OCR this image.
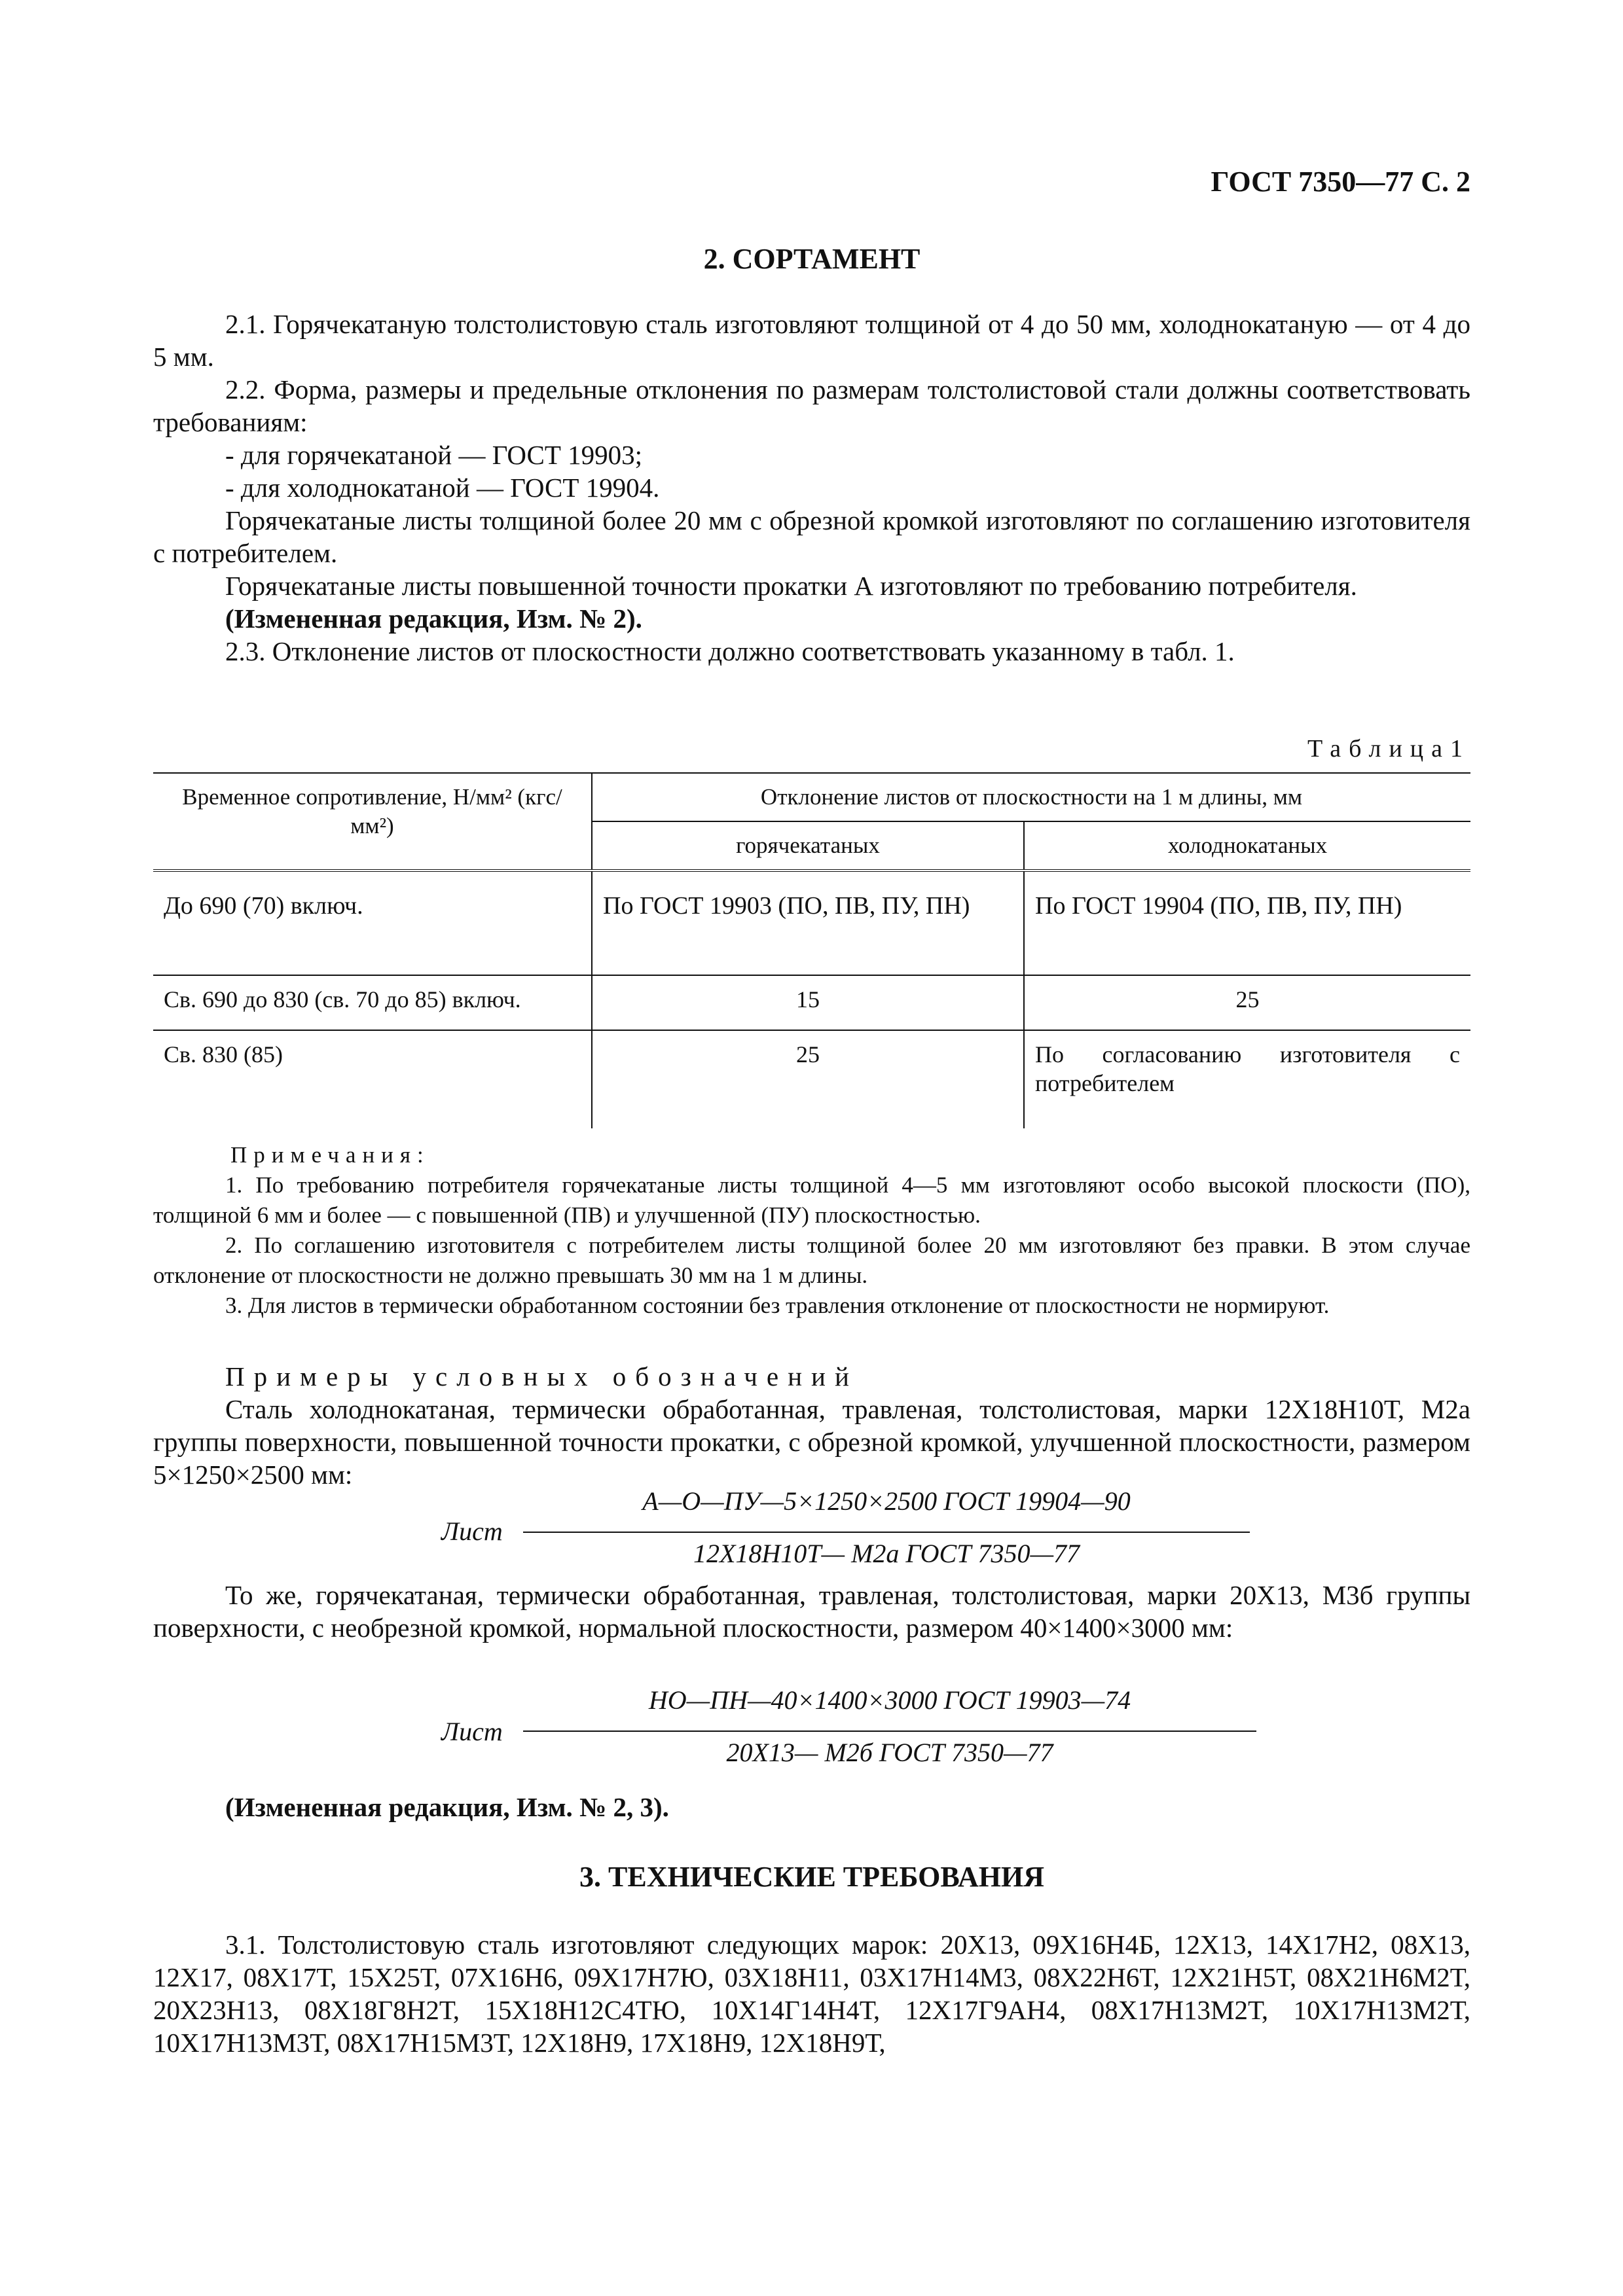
ГОСТ 7350—77 С. 2
2. СОРТАМЕНТ

2.1. Горячекатаную толстолистовую сталь изготовляют толщиной от 4 до 50 мм, холоднокатаную — от 4 до 5 мм.

2.2. Форма, размеры и предельные отклонения по размерам толстолистовой стали должны соответствовать требованиям:

- для горячекатаной — ГОСТ 19903;

- для холоднокатаной — ГОСТ 19904.

Горячекатаные листы толщиной более 20 мм с обрезной кромкой изготовляют по соглашению изготовителя с потребителем.

Горячекатаные листы повышенной точности прокатки А изготовляют по требованию потребителя.

(Измененная редакция, Изм. № 2).

2.3. Отклонение листов от плоскостности должно соответствовать указанному в табл. 1.

Таблица1
Временное сопротивление, Н/мм² (кгс/мм²)	Отклонение листов от плоскостности на 1 м длины, мм	
	горячекатаных	холоднокатаных
До 690 (70) включ.	По ГОСТ 19903 (ПО, ПВ, ПУ, ПН)	По ГОСТ 19904 (ПО, ПВ, ПУ, ПН)
Св. 690 до 830 (св. 70 до 85) включ.	15	25
Св. 830 (85)	25	По согласованию изготовителя с потребителем

Примечания:

1. По требованию потребителя горячекатаные листы толщиной 4—5 мм изготовляют особо высокой плоскости (ПО), толщиной 6 мм и более — с повышенной (ПВ) и улучшенной (ПУ) плоскостностью.

2. По соглашению изготовителя с потребителем листы толщиной более 20 мм изготовляют без правки. В этом случае отклонение от плоскостности не должно превышать 30 мм на 1 м длины.

3. Для листов в термически обработанном состоянии без травления отклонение от плоскостности не нормируют.

Примеры условных обозначений

Сталь холоднокатаная, термически обработанная, травленая, толстолистовая, марки 12Х18Н10Т, М2а группы поверхности, повышенной точности прокатки, с обрезной кромкой, улучшенной плоскостности, размером 5×1250×2500 мм:

Лист
А—О—ПУ—5×1250×2500 ГОСТ 19904—90
12Х18Н10Т— М2а ГОСТ 7350—77

То же, горячекатаная, термически обработанная, травленая, толстолистовая, марки 20Х13, М3б группы поверхности, с необрезной кромкой, нормальной плоскостности, размером 40×1400×3000 мм:

Лист
НО—ПН—40×1400×3000 ГОСТ 19903—74
20Х13— М2б ГОСТ 7350—77

(Измененная редакция, Изм. № 2, 3).

3. ТЕХНИЧЕСКИЕ ТРЕБОВАНИЯ

3.1. Толстолистовую сталь изготовляют следующих марок: 20Х13, 09Х16Н4Б, 12Х13, 14Х17Н2, 08Х13, 12Х17, 08Х17Т, 15Х25Т, 07Х16Н6, 09Х17Н7Ю, 03Х18Н11, 03Х17Н14М3, 08Х22Н6Т, 12Х21Н5Т, 08Х21Н6М2Т, 20Х23Н13, 08Х18Г8Н2Т, 15Х18Н12С4ТЮ, 10Х14Г14Н4Т, 12Х17Г9АН4, 08Х17Н13М2Т, 10Х17Н13М2Т, 10Х17Н13М3Т, 08Х17Н15М3Т, 12Х18Н9, 17Х18Н9, 12Х18Н9Т,
